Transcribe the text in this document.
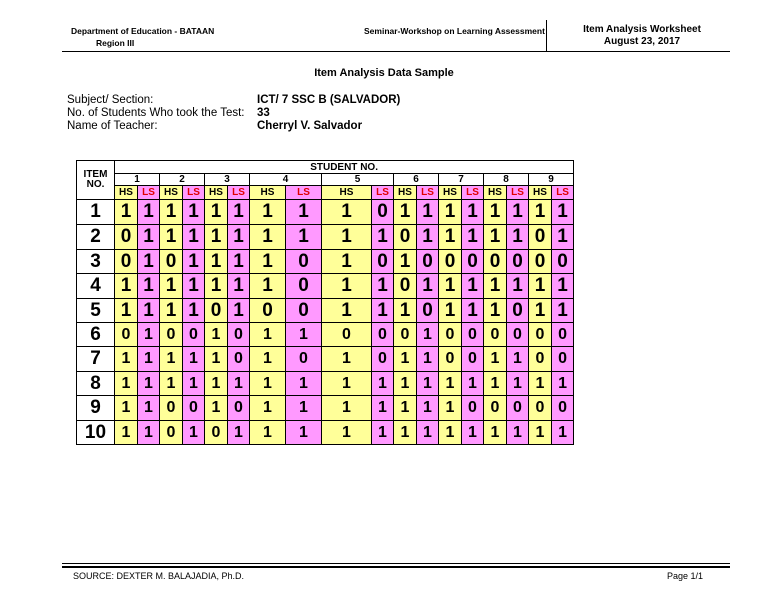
Department of Education - BATAAN
Region III
Seminar-Workshop on Learning Assessment	Item Analysis Worksheet
August 23, 2017
Item Analysis Data Sample
Subject/ Section:	ICT/ 7 SSC B (SALVADOR)
No. of Students Who took the Test: 33
Name of Teacher:	Cherryl V. Salvador
ITEM
NO.	STUDENT NO.																	
	1		2		3		4		5		6		7		8		9	
	HS	LS	HS	LS	HS	LS	HS	LS	HS	LS	HS	LS	HS	LS	HS	LS	HS	LS
1	1	1	1	1	1	1	1	1	1	0	1	1	1	1	1	1	1	1
2	0	1	1	1	1	1	1	1	1	1	0	1	1	1	1	1	0	1
3	0	1	0	1	1	1	1	0	1	0	1	0	0	0	0	0	0	0
4	1	1	1	1	1	1	1	0	1	1	0	1	1	1	1	1	1	1
5	1	1	1	1	0	1	0	0	1	1	1	0	1	1	1	0	1	1
6	0	1	0	0	1	0	1	1	0	0	0	1	0	0	0	0	0	0
7	1	1	1	1	1	0	1	0	1	0	1	1	0	0	1	1	0	0
8	1	1	1	1	1	1	1	1	1	1	1	1	1	1	1	1	1	1
9	1	1	0	0	1	0	1	1	1	1	1	1	1	0	0	0	0	0
10	1	1	0	1	0	1	1	1	1	1	1	1	1	1	1	1	1	1
SOURCE: DEXTER M. BALAJADIA, Ph.D.	Page 1/1
